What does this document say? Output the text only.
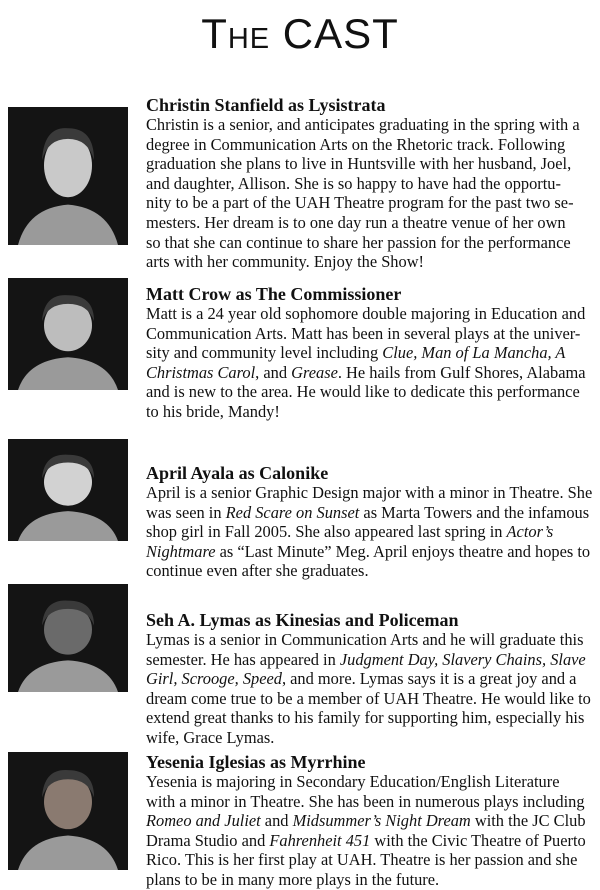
The CAST
Christin Stanfield as Lysistrata
Christin is a senior, and anticipates graduating in the spring with a
degree in Communication Arts on the Rhetoric track. Following
graduation she plans to live in Huntsville with her husband, Joel,
and daughter, Allison. She is so happy to have had the opportu-
nity to be a part of the UAH Theatre program for the past two se-
mesters. Her dream is to one day run a theatre venue of her own
so that she can continue to share her passion for the performance
arts with her community. Enjoy the Show!
Matt Crow as The Commissioner
Matt is a 24 year old sophomore double majoring in Education and
Communication Arts. Matt has been in several plays at the univer-
sity and community level including Clue, Man of La Mancha, A
Christmas Carol, and Grease. He hails from Gulf Shores, Alabama
and is new to the area. He would like to dedicate this performance
to his bride, Mandy!
April Ayala as Calonike
April is a senior Graphic Design major with a minor in Theatre. She
was seen in Red Scare on Sunset as Marta Towers and the infamous
shop girl in Fall 2005. She also appeared last spring in Actor’s
Nightmare as “Last Minute” Meg. April enjoys theatre and hopes to
continue even after she graduates.
Seh A. Lymas as Kinesias and Policeman
Lymas is a senior in Communication Arts and he will graduate this
semester. He has appeared in Judgment Day, Slavery Chains, Slave
Girl, Scrooge, Speed, and more. Lymas says it is a great joy and a
dream come true to be a member of UAH Theatre. He would like to
extend great thanks to his family for supporting him, especially his
wife, Grace Lymas.
Yesenia Iglesias as Myrrhine
Yesenia is majoring in Secondary Education/English Literature
with a minor in Theatre. She has been in numerous plays including
Romeo and Juliet and Midsummer’s Night Dream with the JC Club
Drama Studio and Fahrenheit 451 with the Civic Theatre of Puerto
Rico. This is her first play at UAH. Theatre is her passion and she
plans to be in many more plays in the future.
